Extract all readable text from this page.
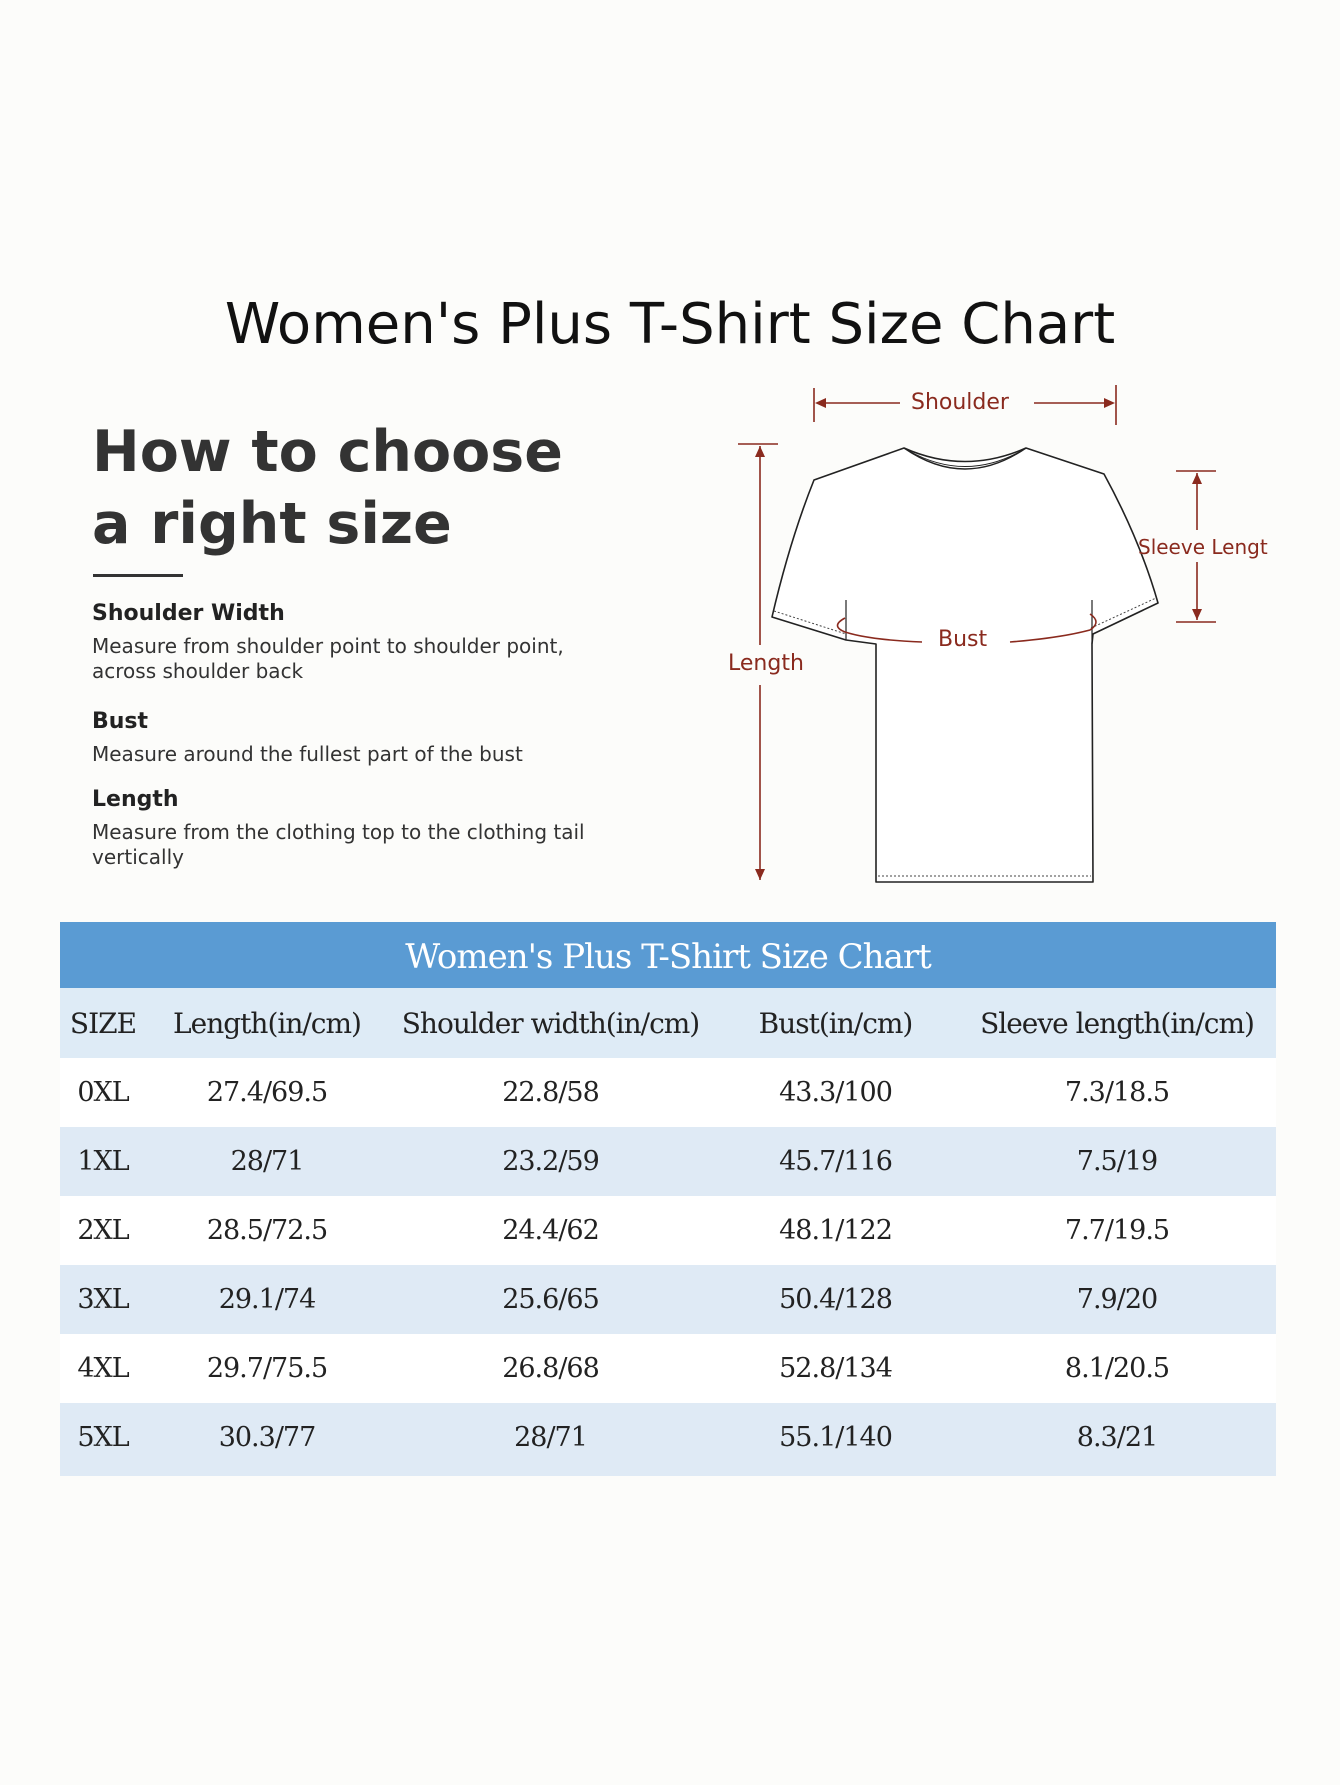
Women's Plus T-Shirt Size Chart
How to choose
a right size
Shoulder Width
Measure from shoulder point to shoulder point,
across shoulder back
Bust
Measure around the fullest part of the bust
Length
Measure from the clothing top to the clothing tail
vertically
Shoulder
Sleeve Lengt
Bust
Length
Women's Plus T-Shirt Size Chart
SIZE	Length(in/cm)	Shoulder width(in/cm)	Bust(in/cm)	Sleeve length(in/cm)
0XL	27.4/69.5	22.8/58	43.3/100	7.3/18.5
1XL	28/71	23.2/59	45.7/116	7.5/19
2XL	28.5/72.5	24.4/62	48.1/122	7.7/19.5
3XL	29.1/74	25.6/65	50.4/128	7.9/20
4XL	29.7/75.5	26.8/68	52.8/134	8.1/20.5
5XL	30.3/77	28/71	55.1/140	8.3/21
